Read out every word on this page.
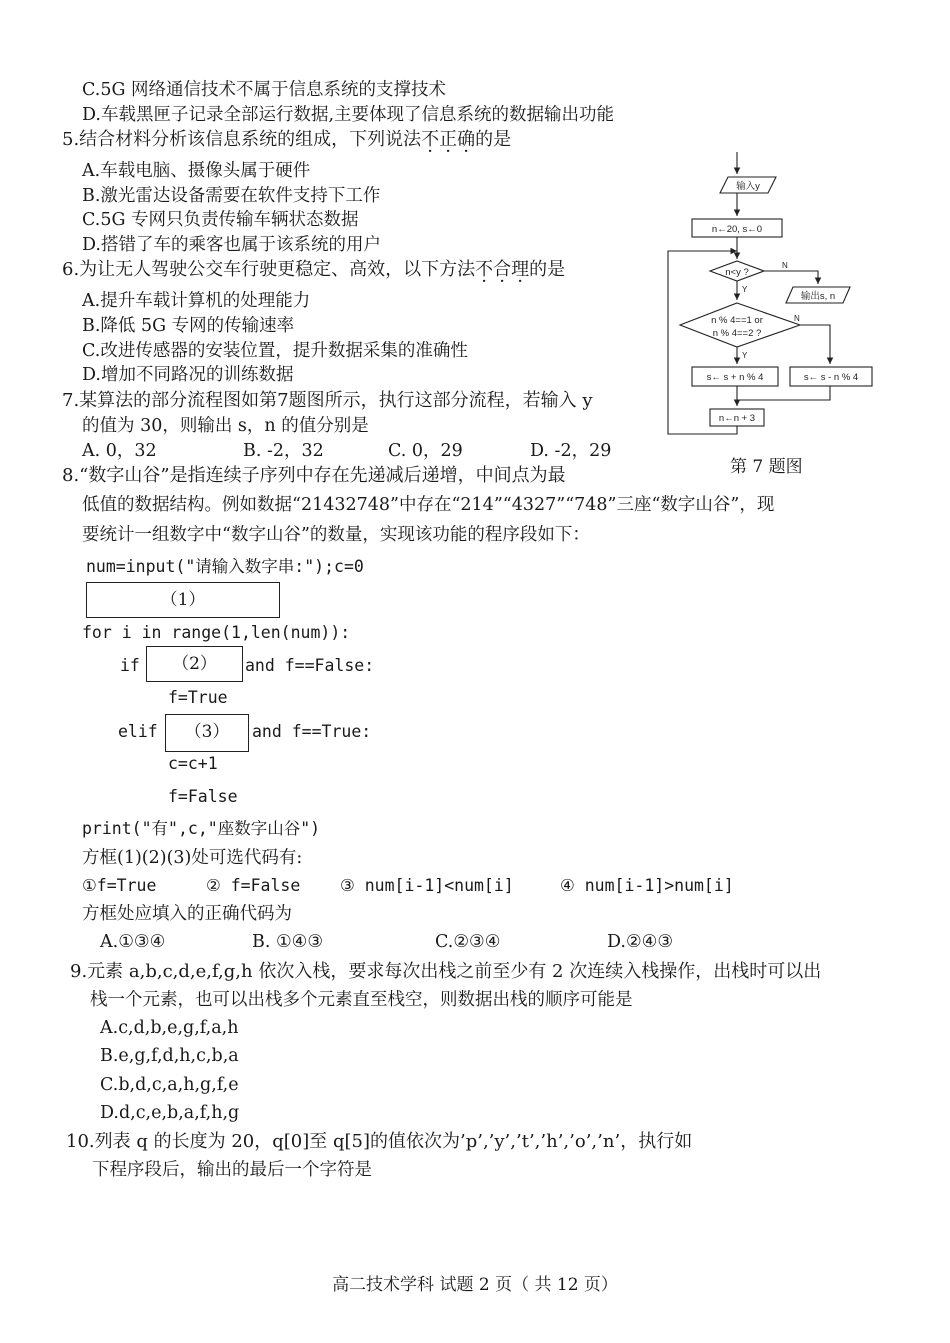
C.5G 网络通信技术不属于信息系统的支撑技术
D.车载黑匣子记录全部运行数据,主要体现了信息系统的数据输出功能
5.结合材料分析该信息系统的组成，下列说法不正确的是
A.车载电脑、摄像头属于硬件
B.激光雷达设备需要在软件支持下工作
C.5G 专网只负责传输车辆状态数据
D.搭错了车的乘客也属于该系统的用户
6.为让无人驾驶公交车行驶更稳定、高效，以下方法不合理的是
A.提升车载计算机的处理能力
B.降低 5G 专网的传输速率
C.改进传感器的安装位置，提升数据采集的准确性
D.增加不同路况的训练数据
7.某算法的部分流程图如第7题图所示，执行这部分流程，若输入 y
的值为 30，则输出 s，n 的值分别是
A. 0，32	B. -2，32	C. 0，29	D. -2，29
输入y
n←20, s←0
n<y ?
输出s, n
n % 4==1 or
n % 4==2 ?
s← s + n % 4	s← s - n % 4
n←n + 3
Y
N
Y
N
第 7 题图
8.“数字山谷”是指连续子序列中存在先递减后递增，中间点为最
低值的数据结构。例如数据“21432748”中存在“214”“4327”“748”三座“数字山谷”，现
要统计一组数字中“数字山谷”的数量，实现该功能的程序段如下：
num=input("请输入数字串:");c=0
（1）
for i in range(1,len(num)):
if	（2）	and f==False:
f=True
elif	（3）	and f==True:
c=c+1
f=False
print("有",c,"座数字山谷")
方框(1)(2)(3)处可选代码有:
①f=True	② f=False ③ num[i-1]<num[i]	④ num[i-1]>num[i]
方框处应填入的正确代码为
A.①③④	B. ①④③	C.②③④	D.②④③
9.元素 a,b,c,d,e,f,g,h 依次入栈，要求每次出栈之前至少有 2 次连续入栈操作，出栈时可以出
栈一个元素，也可以出栈多个元素直至栈空，则数据出栈的顺序可能是
A.c,d,b,e,g,f,a,h
B.e,g,f,d,h,c,b,a
C.b,d,c,a,h,g,f,e
D.d,c,e,b,a,f,h,g
10.列表 q 的长度为 20，q[0]至 q[5]的值依次为’p’,’y’,’t’,’h’,’o’,’n’，执行如
下程序段后，输出的最后一个字符是
高二技术学科 试题 2 页（ 共 12 页）
